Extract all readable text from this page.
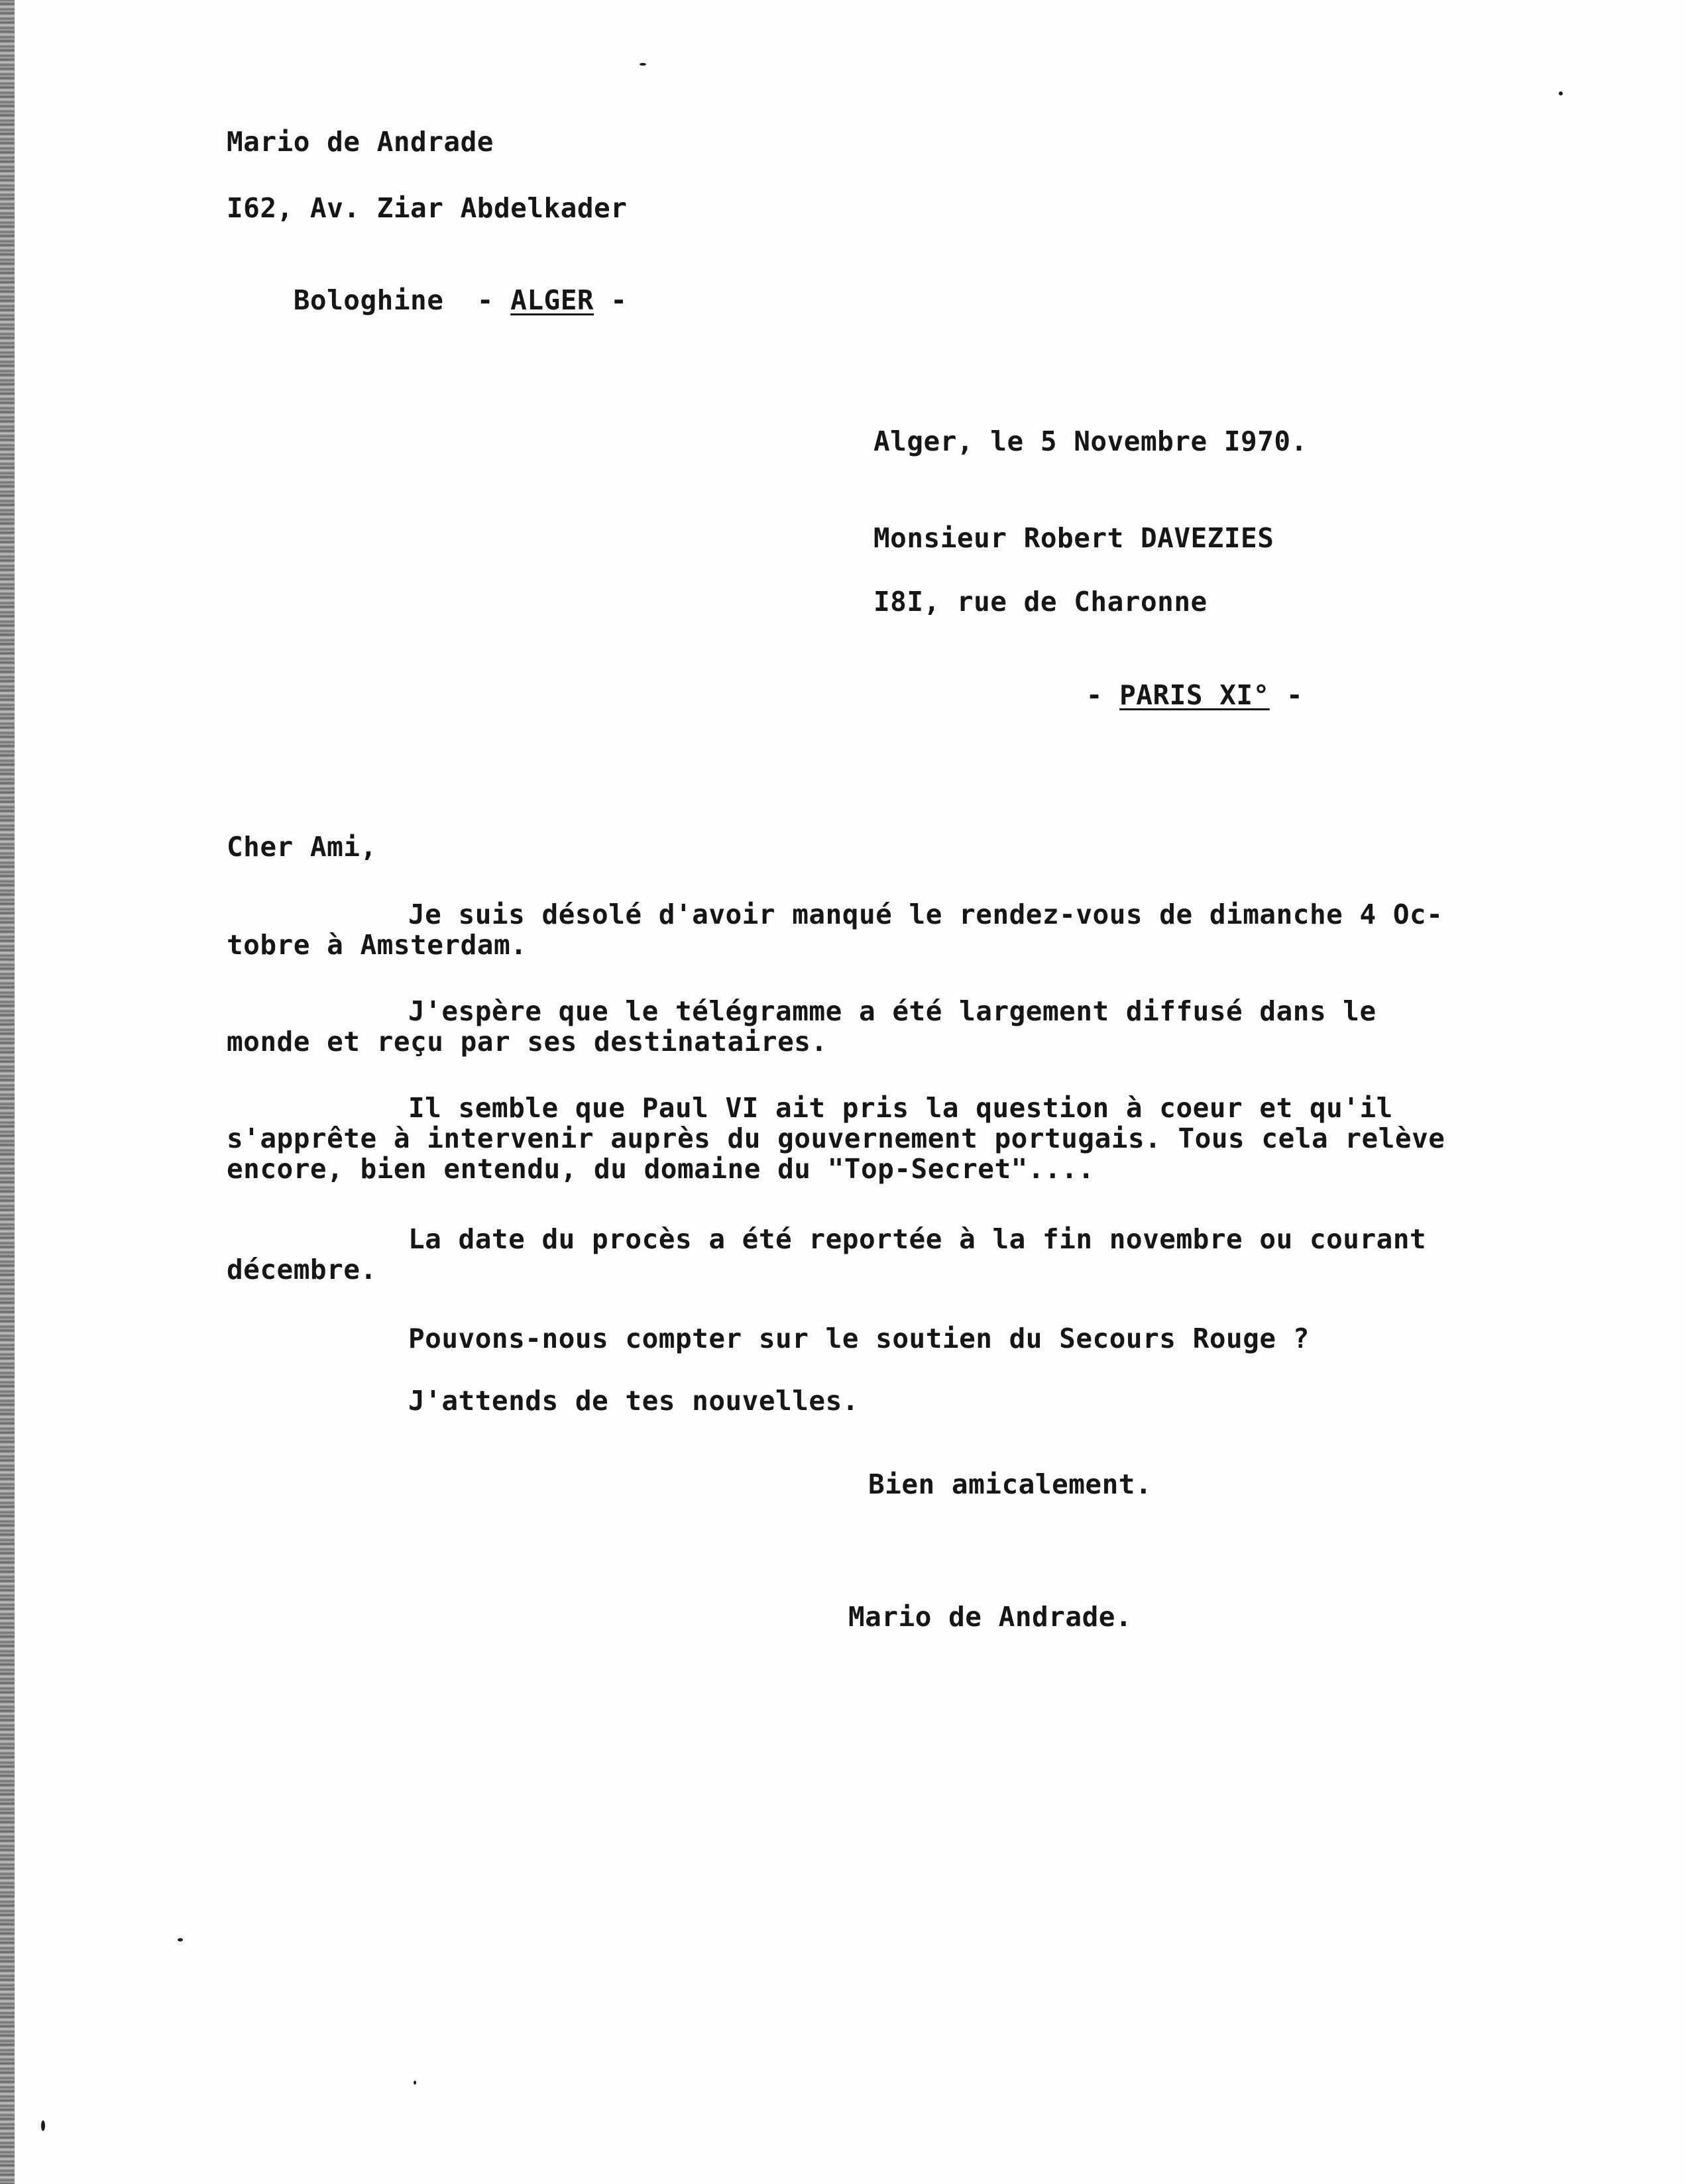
Mario de Andrade
I62, Av. Ziar Abdelkader

Bologhine  - ALGER -

Alger, le 5 Novembre I970.
Monsieur Robert DAVEZIES
I8I, rue de Charonne

- PARIS XI° -

Cher Ami,
Je suis désolé d'avoir manqué le rendez-vous de dimanche 4 Oc-
tobre à Amsterdam.
J'espère que le télégramme a été largement diffusé dans le
monde et reçu par ses destinataires.
Il semble que Paul VI ait pris la question à coeur et qu'il
s'apprête à intervenir auprès du gouvernement portugais. Tous cela relève
encore, bien entendu, du domaine du "Top-Secret"....
La date du procès a été reportée à la fin novembre ou courant
décembre.
Pouvons-nous compter sur le soutien du Secours Rouge ?
J'attends de tes nouvelles.
Bien amicalement.
Mario de Andrade.
